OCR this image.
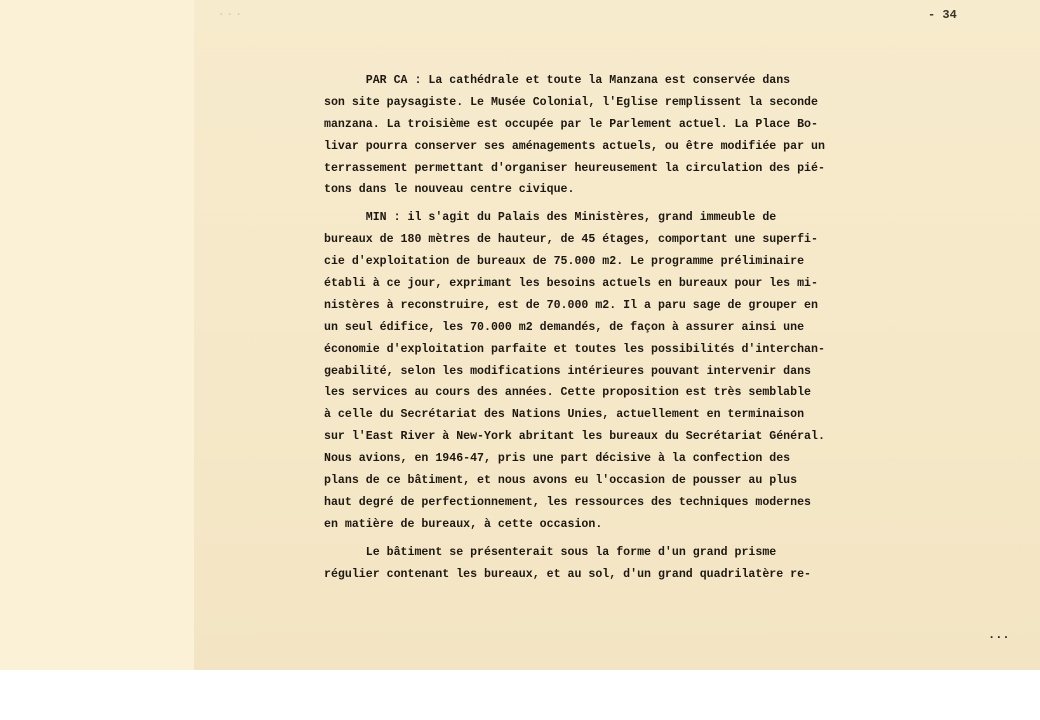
···	- 34
PAR CA : La cathédrale et toute la Manzana est conservée dans
son site paysagiste. Le Musée Colonial, l'Eglise remplissent la seconde
manzana. La troisième est occupée par le Parlement actuel. La Place Bo-
livar pourra conserver ses aménagements actuels, ou être modifiée par un
terrassement permettant d'organiser heureusement la circulation des pié-
tons dans le nouveau centre civique.
MIN : il s'agit du Palais des Ministères, grand immeuble de
bureaux de 180 mètres de hauteur, de 45 étages, comportant une superfi-
cie d'exploitation de bureaux de 75.000 m2. Le programme préliminaire
établi à ce jour, exprimant les besoins actuels en bureaux pour les mi-
nistères à reconstruire, est de 70.000 m2. Il a paru sage de grouper en
un seul édifice, les 70.000 m2 demandés, de façon à assurer ainsi une
économie d'exploitation parfaite et toutes les possibilités d'interchan-
geabilité, selon les modifications intérieures pouvant intervenir dans
les services au cours des années. Cette proposition est très semblable
à celle du Secrétariat des Nations Unies, actuellement en terminaison
sur l'East River à New-York abritant les bureaux du Secrétariat Général.
Nous avions, en 1946-47, pris une part décisive à la confection des
plans de ce bâtiment, et nous avons eu l'occasion de pousser au plus
haut degré de perfectionnement, les ressources des techniques modernes
en matière de bureaux, à cette occasion.
Le bâtiment se présenterait sous la forme d'un grand prisme
régulier contenant les bureaux, et au sol, d'un grand quadrilatère re-
...
